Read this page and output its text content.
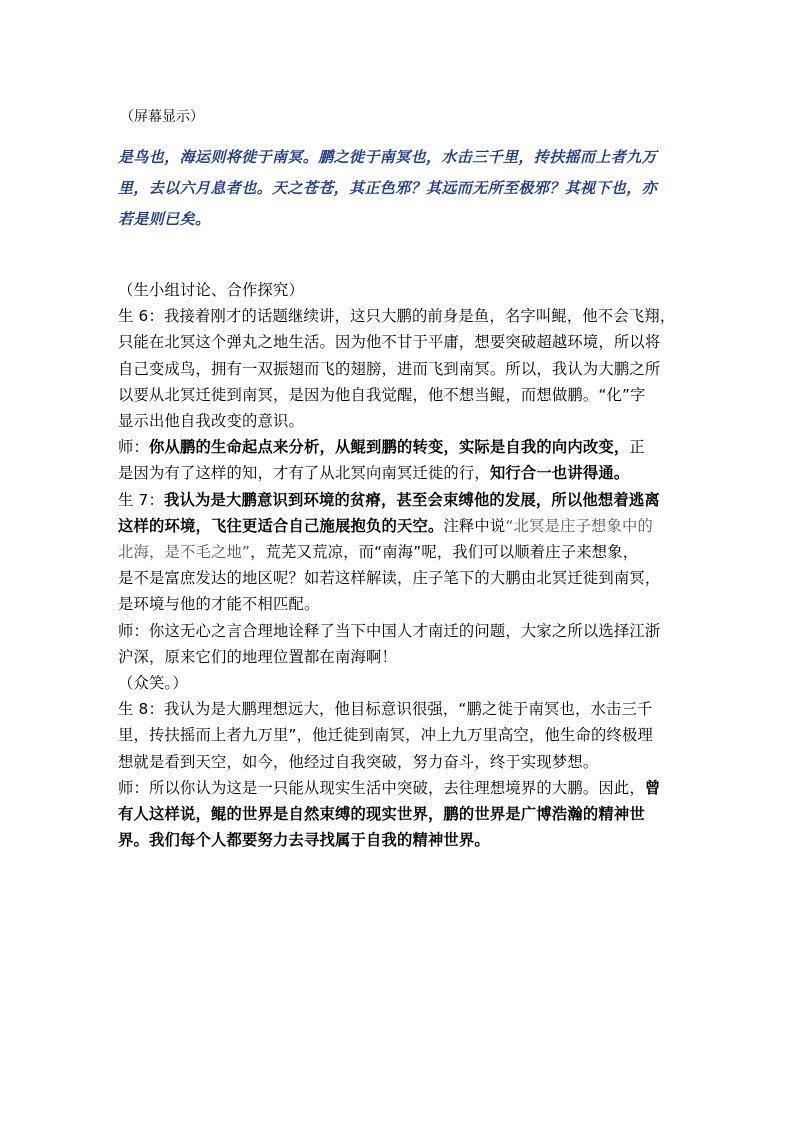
（屏幕显示）

是鸟也，海运则将徙于南冥。鹏之徙于南冥也，水击三千里，抟扶摇而上者九万

里，去以六月息者也。天之苍苍，其正色邪？其远而无所至极邪？其视下也，亦

若是则已矣。

（生小组讨论、合作探究）

生 6：我接着刚才的话题继续讲，这只大鹏的前身是鱼，名字叫鲲，他不会飞翔，

只能在北冥这个弹丸之地生活。因为他不甘于平庸，想要突破超越环境，所以将

自己变成鸟，拥有一双振翅而飞的翅膀，进而飞到南冥。所以，我认为大鹏之所

以要从北冥迁徙到南冥，是因为他自我觉醒，他不想当鲲，而想做鹏。“化”字

显示出他自我改变的意识。

师：你从鹏的生命起点来分析，从鲲到鹏的转变，实际是自我的向内改变，正

是因为有了这样的知，才有了从北冥向南冥迁徙的行，知行合一也讲得通。

生 7：我认为是大鹏意识到环境的贫瘠，甚至会束缚他的发展，所以他想着逃离

这样的环境，飞往更适合自己施展抱负的天空。注释中说“北冥是庄子想象中的

北海，是不毛之地”，荒芜又荒凉，而“南海”呢，我们可以顺着庄子来想象，

是不是富庶发达的地区呢？如若这样解读，庄子笔下的大鹏由北冥迁徙到南冥，

是环境与他的才能不相匹配。

师：你这无心之言合理地诠释了当下中国人才南迁的问题，大家之所以选择江浙

沪深，原来它们的地理位置都在南海啊！

（众笑。）

生 8：我认为是大鹏理想远大，他目标意识很强，“鹏之徙于南冥也，水击三千

里，抟扶摇而上者九万里”，他迁徙到南冥，冲上九万里高空，他生命的终极理

想就是看到天空，如今，他经过自我突破，努力奋斗，终于实现梦想。

师：所以你认为这是一只能从现实生活中突破，去往理想境界的大鹏。因此，曾

有人这样说，鲲的世界是自然束缚的现实世界，鹏的世界是广博浩瀚的精神世

界。我们每个人都要努力去寻找属于自我的精神世界。
